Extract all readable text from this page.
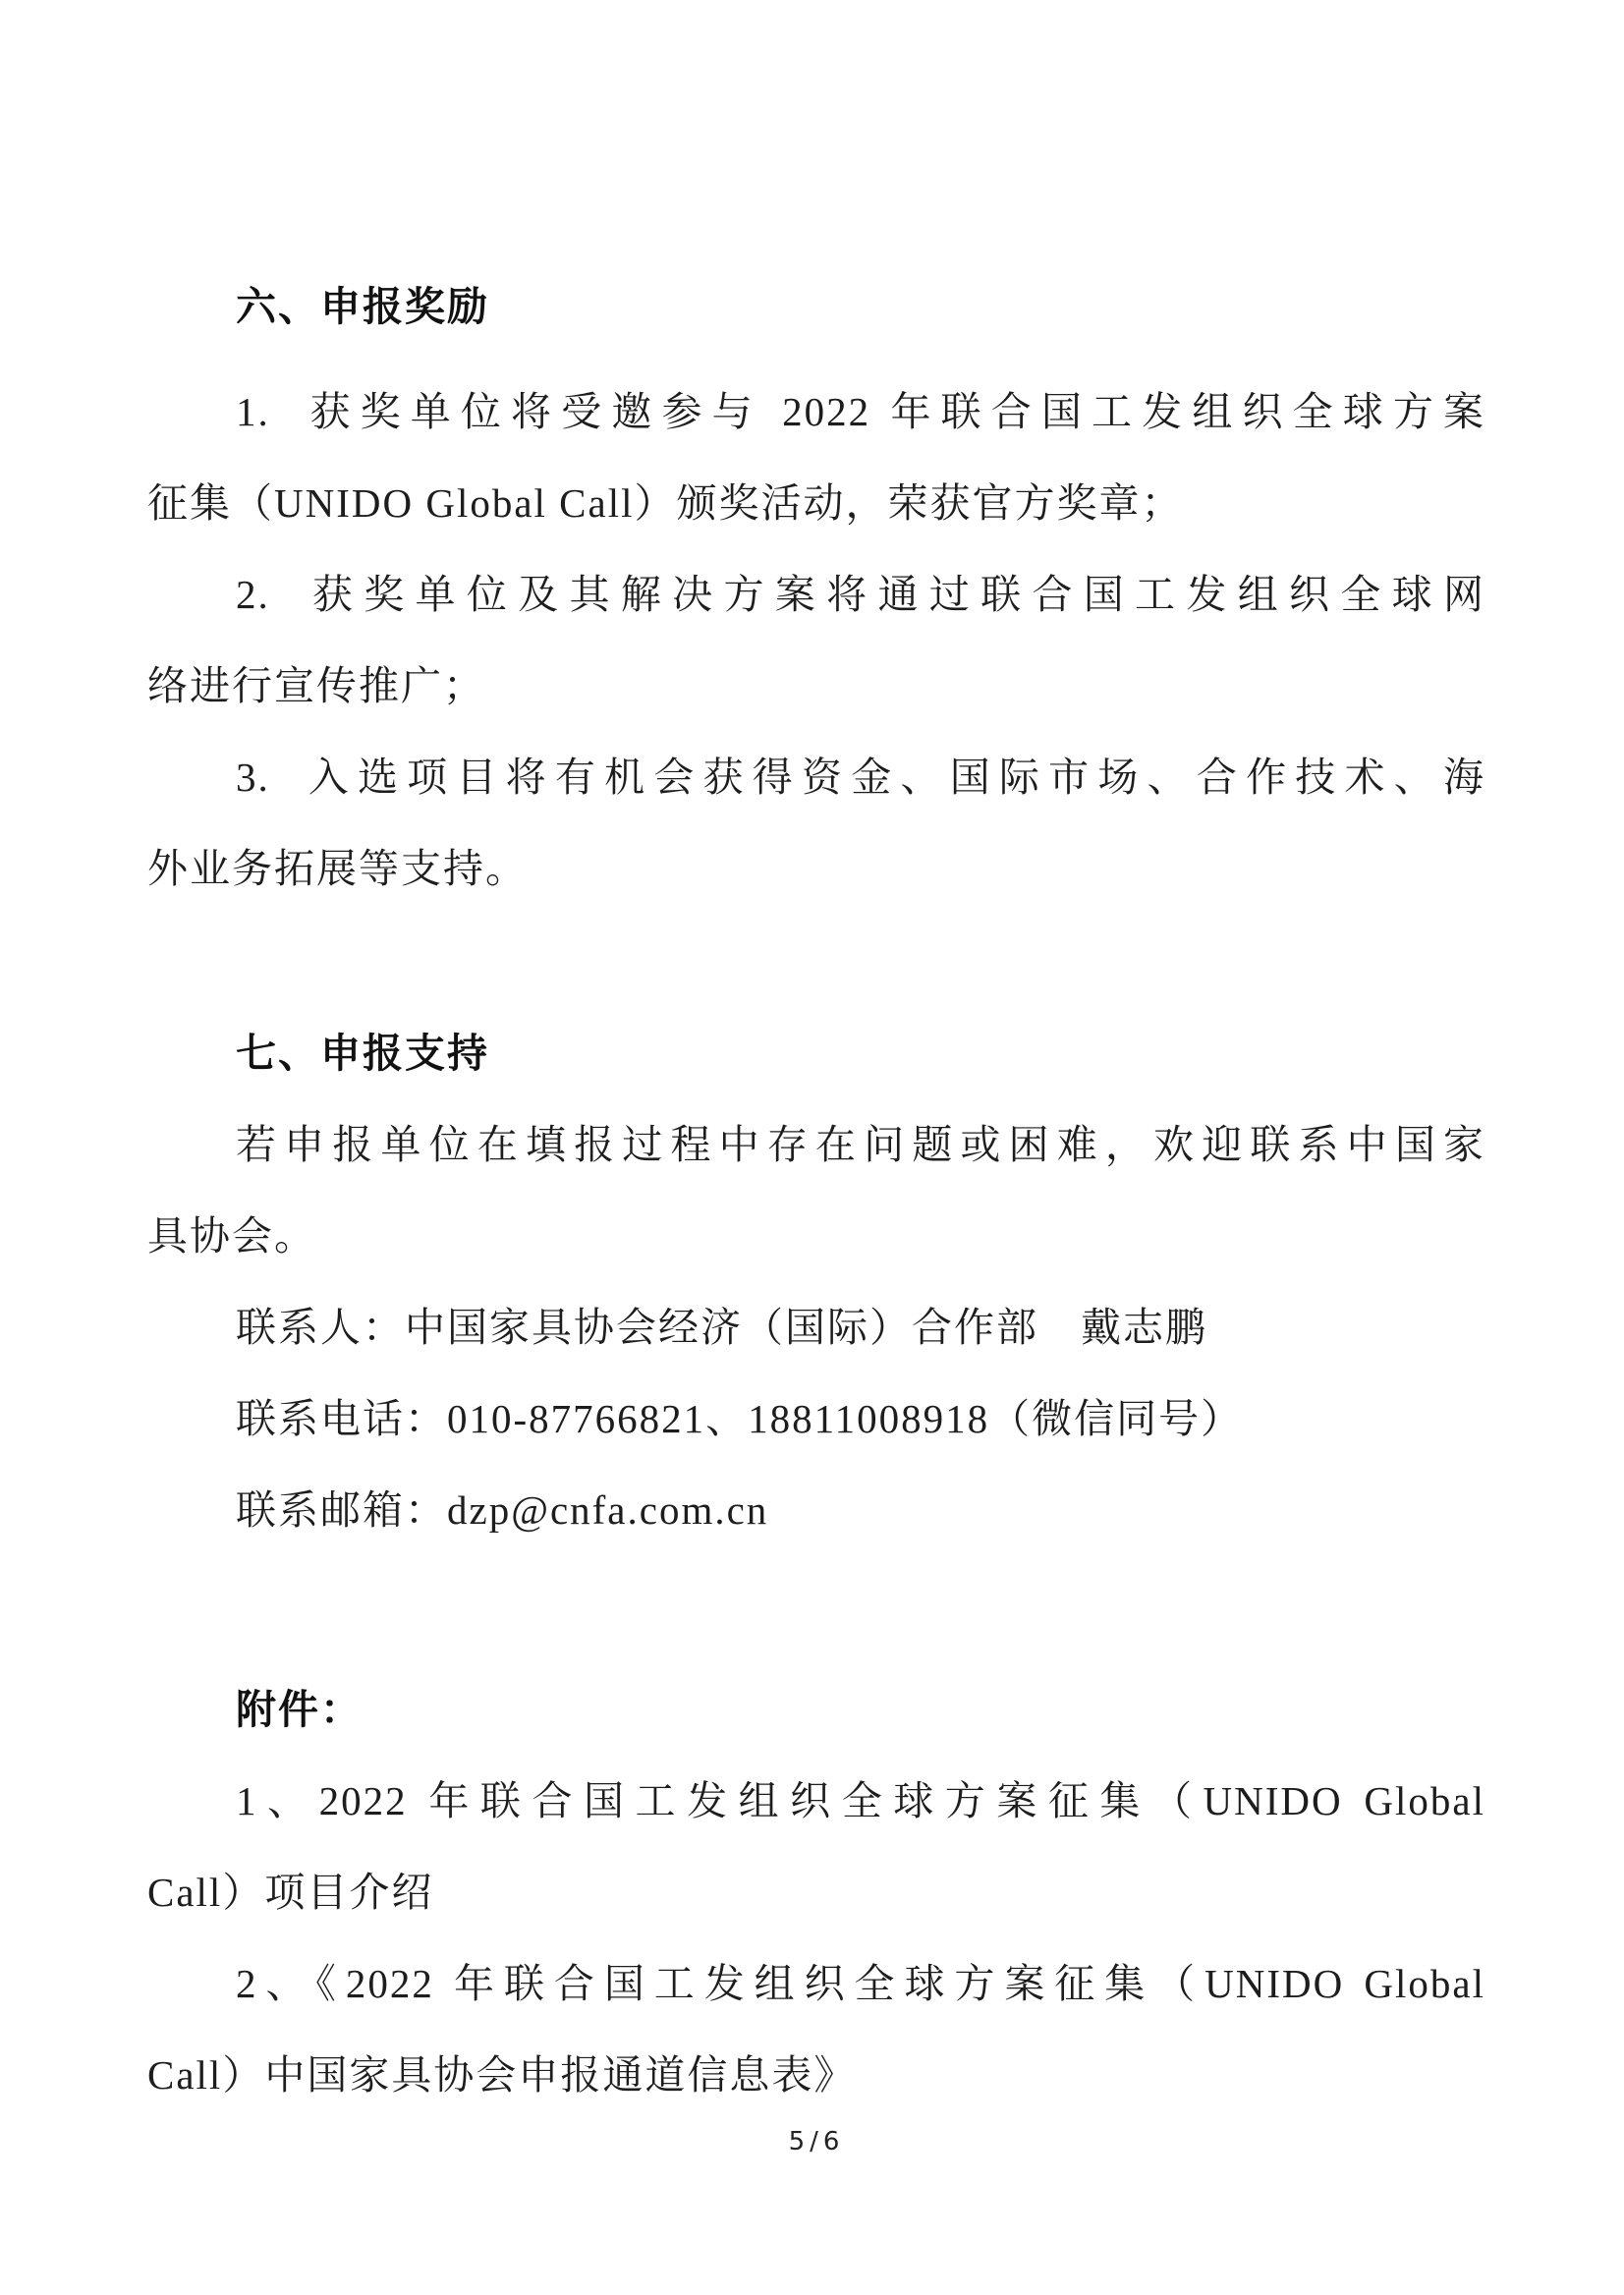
六、申报奖励
1.  获奖单位将受邀参与 2022 年联合国工发组织全球方案
征集（UNIDO Global Call）颁奖活动，荣获官方奖章；
2.  获奖单位及其解决方案将通过联合国工发组织全球网
络进行宣传推广；
3.  入选项目将有机会获得资金、国际市场、合作技术、海
外业务拓展等支持。
七、申报支持
若申报单位在填报过程中存在问题或困难，欢迎联系中国家
具协会。
联系人：中国家具协会经济（国际）合作部　戴志鹏
联系电话：010-87766821、18811008918（微信同号）
联系邮箱：dzp@cnfa.com.cn
附件：
1、2022 年联合国工发组织全球方案征集（UNIDO Global
Call）项目介绍
2、《2022 年联合国工发组织全球方案征集（UNIDO Global
Call）中国家具协会申报通道信息表》
5/6
